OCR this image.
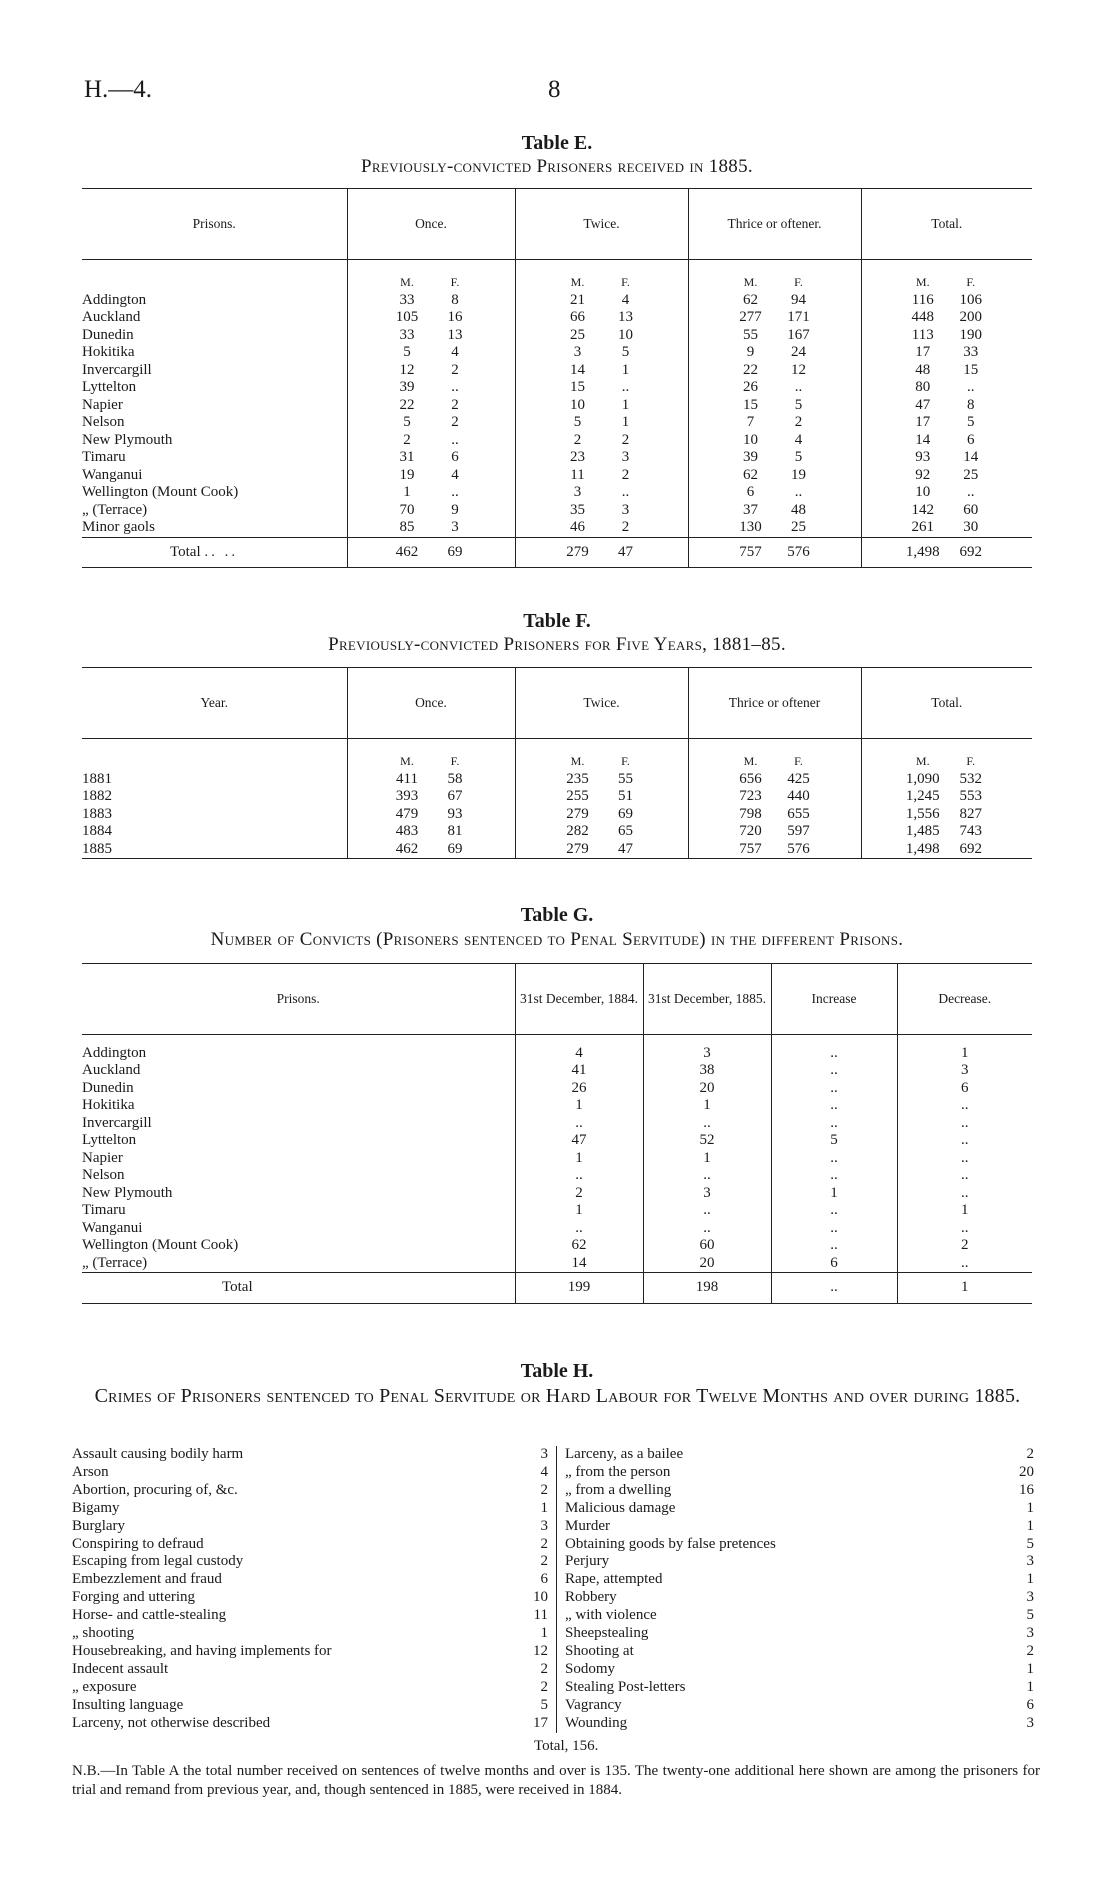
H.—4.	8
Table E.
Previously-convicted Prisoners received in 1885.
Prisons.	Once.	Twice.	Thrice or oftener.	Total.

	M. F.	M. F.	M. F.	M. F.

Addington	33 8	21 4	62 94	116 106

Auckland	105 16	66 13	277 171	448 200

Dunedin	33 13	25 10	55 167	113 190

Hokitika	5 4	3 5	9 24	17 33

Invercargill	12 2	14 1	22 12	48 15

Lyttelton	39 ..	15 ..	26 ..	80 ..

Napier	22 2	10 1	15 5	47 8

Nelson	5 2	5 1	7 2	17 5

New Plymouth	2 ..	2 2	10 4	14 6

Timaru	31 6	23 3	39 5	93 14

Wanganui	19 4	11 2	62 19	92 25

Wellington (Mount Cook)	1 ..	3 ..	6 ..	10 ..

„ (Terrace)	70 9	35 3	37 48	142 60

Minor gaols	85 3	46 2	130 25	261 30

Total .. ..	462 69	279 47	757 576	1,498 692
Table F.
Previously-convicted Prisoners for Five Years, 1881–85.
Year.	Once.	Twice.	Thrice or oftener	Total.

	M. F.	M. F.	M. F.	M. F.

1881	411 58	235 55	656 425	1,090 532

1882	393 67	255 51	723 440	1,245 553

1883	479 93	279 69	798 655	1,556 827

1884	483 81	282 65	720 597	1,485 743

1885	462 69	279 47	757 576	1,498 692
Table G.
Number of Convicts (Prisoners sentenced to Penal Servitude) in the different Prisons.
Prisons.	31st December, 1884.	31st December, 1885.	Increase	Decrease.

Addington	4	3	..	1
Auckland	41	38	..	3
Dunedin	26	20	..	6
Hokitika	1	1	..	..
Invercargill	..	..	..	..
Lyttelton	47	52	5	..
Napier	1	1	..	..
Nelson	..	..	..	..
New Plymouth	2	3	1	..
Timaru	1	..	..	1
Wanganui	..	..	..	..
Wellington (Mount Cook)	62	60	..	2
„ (Terrace)	14	20	6	..
Total	199	198	..	1
Table H.
Crimes of Prisoners sentenced to Penal Servitude or Hard Labour for Twelve Months and over during 1885.
Assault causing bodily harm	3
Arson	4
Abortion, procuring of, &c.	2
Bigamy	1
Burglary	3
Conspiring to defraud	2
Escaping from legal custody	2
Embezzlement and fraud	6
Forging and uttering	10
Horse- and cattle-stealing	11
„ shooting	1
Housebreaking, and having implements for	12
Indecent assault	2
„ exposure	2
Insulting language	5
Larceny, not otherwise described	17
Larceny, as a bailee	2
„ from the person	20
„ from a dwelling	16
Malicious damage	1
Murder	1
Obtaining goods by false pretences	5
Perjury	3
Rape, attempted	1
Robbery	3
„ with violence	5
Sheepstealing	3
Shooting at	2
Sodomy	1
Stealing Post-letters	1
Vagrancy	6
Wounding	3
Total, 156.
N.B.—In Table A the total number received on sentences of twelve months and over is 135. The twenty-one additional here shown are among the prisoners for trial and remand from previous year, and, though sentenced in 1885, were received in 1884.
